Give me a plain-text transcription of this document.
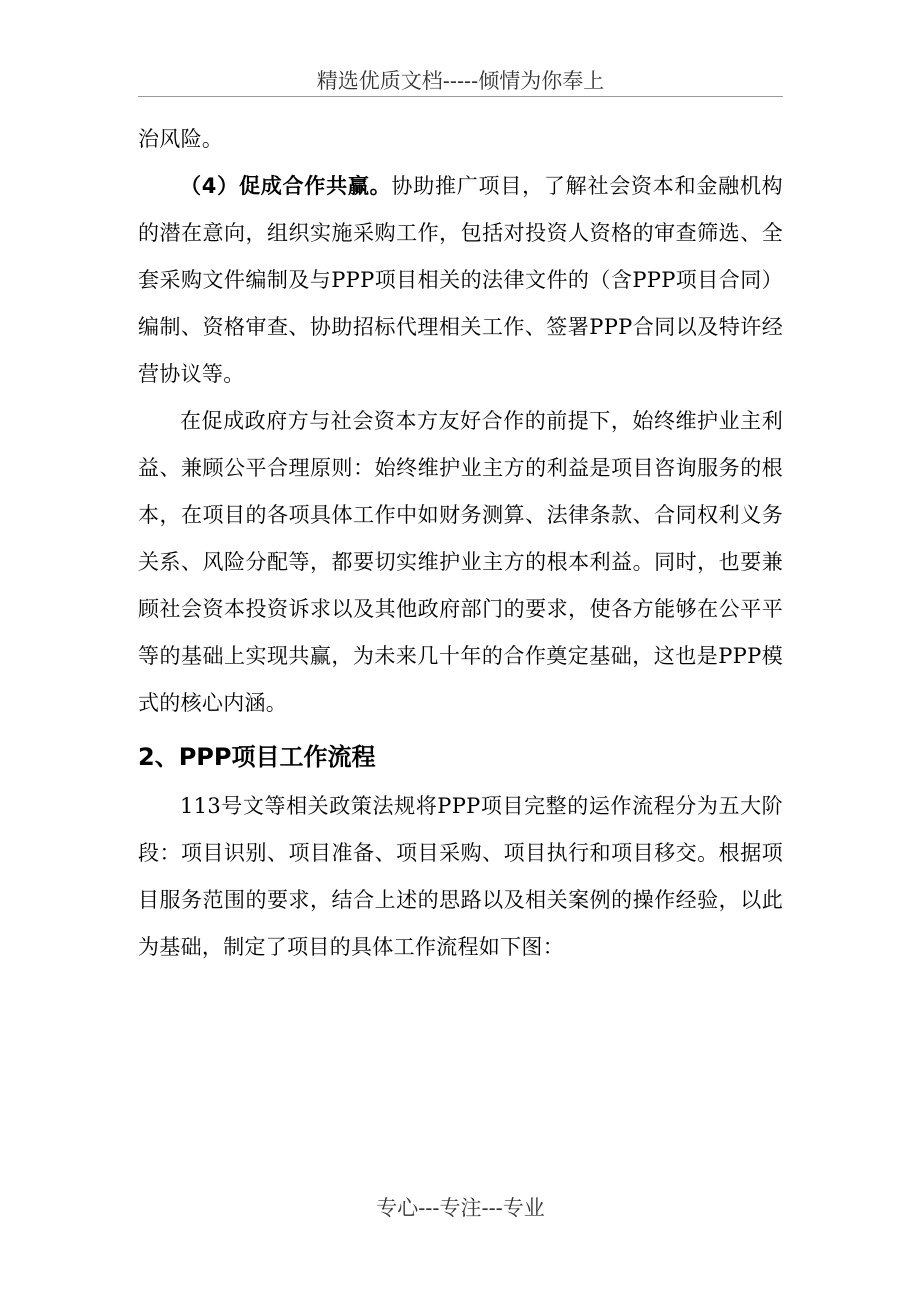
精选优质文档-----倾情为你奉上

治风险。

（4）促成合作共赢。协助推广项目，了解社会资本和金融机构的潜在意向，组织实施采购工作，包括对投资人资格的审查筛选、全套采购文件编制及与PPP项目相关的法律文件的（含PPP项目合同）编制、资格审查、协助招标代理相关工作、签署PPP合同以及特许经营协议等。

在促成政府方与社会资本方友好合作的前提下，始终维护业主利益、兼顾公平合理原则：始终维护业主方的利益是项目咨询服务的根本，在项目的各项具体工作中如财务测算、法律条款、合同权利义务关系、风险分配等，都要切实维护业主方的根本利益。同时，也要兼顾社会资本投资诉求以及其他政府部门的要求，使各方能够在公平平等的基础上实现共赢，为未来几十年的合作奠定基础，这也是PPP模式的核心内涵。

2、PPP项目工作流程

113号文等相关政策法规将PPP项目完整的运作流程分为五大阶段：项目识别、项目准备、项目采购、项目执行和项目移交。根据项目服务范围的要求，结合上述的思路以及相关案例的操作经验，以此为基础，制定了项目的具体工作流程如下图：

专心---专注---专业
